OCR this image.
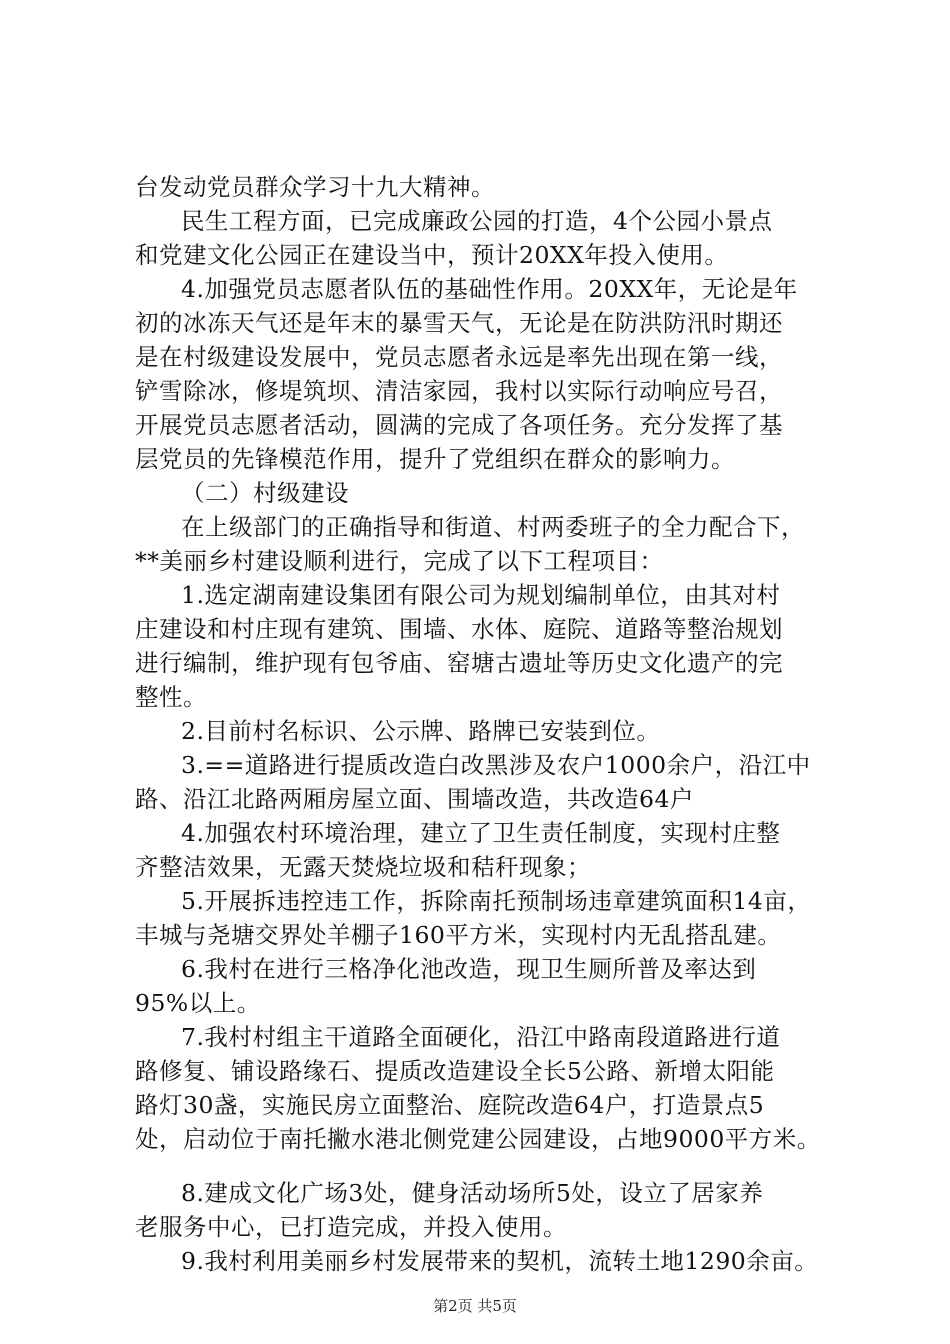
台发动党员群众学习十九大精神。
民生工程方面，已完成廉政公园的打造，4个公园小景点
和党建文化公园正在建设当中，预计20XX年投入使用。
4.加强党员志愿者队伍的基础性作用。20XX年，无论是年
初的冰冻天气还是年末的暴雪天气，无论是在防洪防汛时期还
是在村级建设发展中，党员志愿者永远是率先出现在第一线，
铲雪除冰，修堤筑坝、清洁家园，我村以实际行动响应号召，
开展党员志愿者活动，圆满的完成了各项任务。充分发挥了基
层党员的先锋模范作用，提升了党组织在群众的影响力。
（二）村级建设
在上级部门的正确指导和街道、村两委班子的全力配合下，
**美丽乡村建设顺利进行，完成了以下工程项目：
1.选定湖南建设集团有限公司为规划编制单位，由其对村
庄建设和村庄现有建筑、围墙、水体、庭院、道路等整治规划
进行编制，维护现有包爷庙、窑塘古遗址等历史文化遗产的完
整性。
2.目前村名标识、公示牌、路牌已安装到位。
3.==道路进行提质改造白改黑涉及农户1000余户，沿江中
路、沿江北路两厢房屋立面、围墙改造，共改造64户
4.加强农村环境治理，建立了卫生责任制度，实现村庄整
齐整洁效果，无露天焚烧垃圾和秸秆现象；
5.开展拆违控违工作，拆除南托预制场违章建筑面积14亩，
丰城与尧塘交界处羊棚子160平方米，实现村内无乱搭乱建。
6.我村在进行三格净化池改造，现卫生厕所普及率达到
95%以上。
7.我村村组主干道路全面硬化，沿江中路南段道路进行道
路修复、铺设路缘石、提质改造建设全长5公路、新增太阳能
路灯30盏，实施民房立面整治、庭院改造64户，打造景点5
处，启动位于南托撇水港北侧党建公园建设，占地9000平方米。
8.建成文化广场3处，健身活动场所5处，设立了居家养
老服务中心，已打造完成，并投入使用。
9.我村利用美丽乡村发展带来的契机，流转土地1290余亩。
第2页 共5页
